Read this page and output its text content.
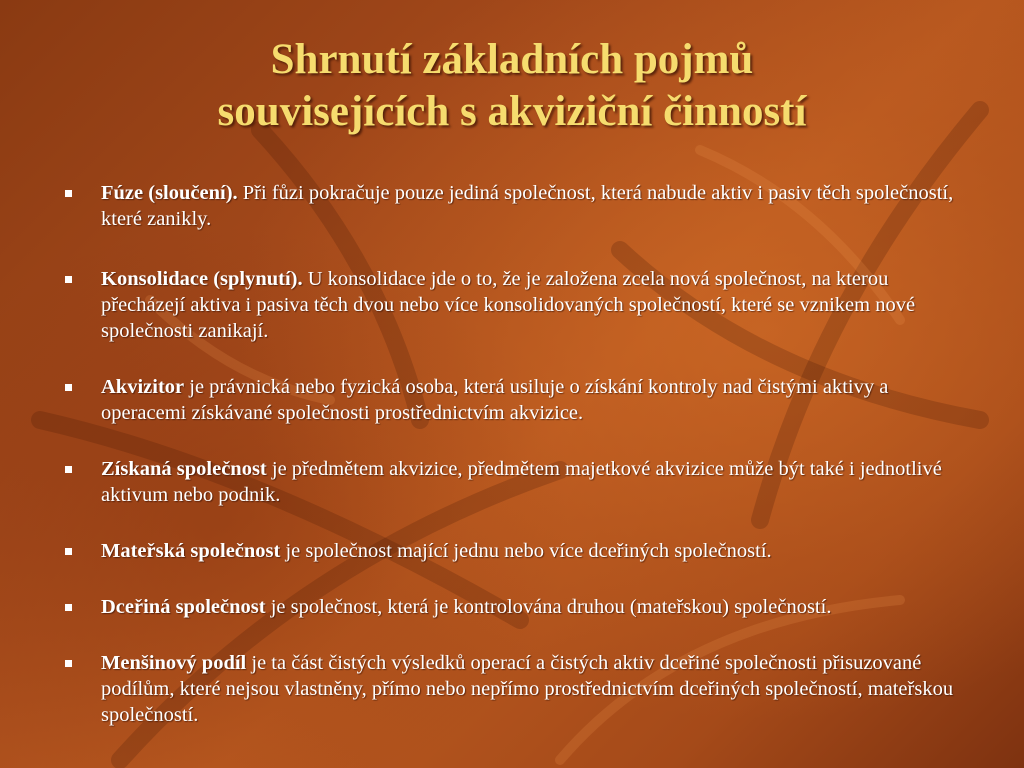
Shrnutí základních pojmů
souvisejících s akviziční činností
Fúze (sloučení). Při fůzi pokračuje pouze jediná společnost, která nabude aktiv i pasiv těch společností, které zanikly.
Konsolidace (splynutí). U konsolidace jde o to, že je založena zcela nová společnost, na kterou přecházejí aktiva i pasiva těch dvou nebo více konsolidovaných společností, které se vznikem nové společnosti zanikají.
Akvizitor je právnická nebo fyzická osoba, která usiluje o získání kontroly nad čistými aktivy a operacemi získávané společnosti prostřednictvím akvizice.
Získaná společnost je předmětem akvizice, předmětem majetkové akvizice může být také i jednotlivé aktivum nebo podnik.
Mateřská společnost je společnost mající jednu nebo více dceřiných společností.
Dceřiná společnost je společnost, která je kontrolována druhou (mateřskou) společností.
Menšinový podíl je ta část čistých výsledků operací a čistých aktiv dceřiné společnosti přisuzované podílům, které nejsou vlastněny, přímo nebo nepřímo prostřednictvím dceřiných společností, mateřskou společností.
